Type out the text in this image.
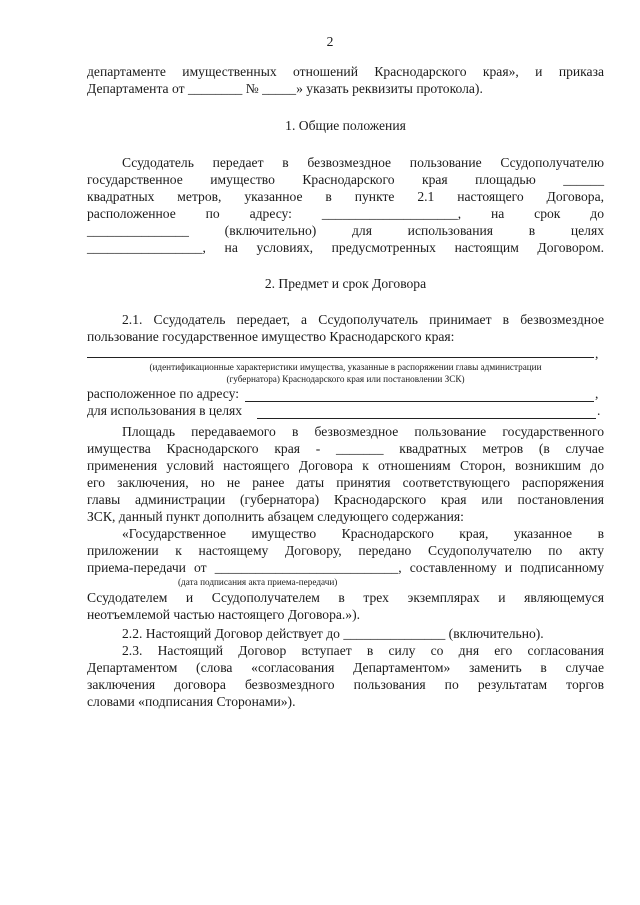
2
департаменте имущественных отношений Краснодарского края», и приказа
Департамента от ________ № _____» указать реквизиты протокола).
1. Общие положения
Ссудодатель передает в безвозмездное пользование Ссудополучателю
государственное имущество Краснодарского края площадью ______
квадратных метров, указанное в пункте 2.1 настоящего Договора,
расположенное по адресу: ____________________, на срок до
_______________ (включительно) для использования в целях
_________________, на условиях, предусмотренных настоящим Договором.
2. Предмет и срок Договора
2.1. Ссудодатель передает, а Ссудополучатель принимает в безвозмездное
пользование государственное имущество Краснодарского края:
,
(идентификационные характеристики имущества, указанные в распоряжении главы администрации
(губернатора) Краснодарского края или постановлении ЗСК)
расположенное по адресу:	,
для использования в целях	.
Площадь передаваемого в безвозмездное пользование государственного
имущества Краснодарского края - _______ квадратных метров (в случае
применения условий настоящего Договора к отношениям Сторон, возникшим до
его заключения, но не ранее даты принятия соответствующего распоряжения
главы администрации (губернатора) Краснодарского края или постановления
ЗСК, данный пункт дополнить абзацем следующего содержания:
«Государственное имущество Краснодарского края, указанное в
приложении к настоящему Договору, передано Ссудополучателю по акту
приема-передачи от ___________________________, составленному и подписанному
(дата подписания акта приема-передачи)
Ссудодателем и Ссудополучателем в трех экземплярах и являющемуся
неотъемлемой частью настоящего Договора.»).
2.2. Настоящий Договор действует до _______________ (включительно).
2.3. Настоящий Договор вступает в силу со дня его согласования
Департаментом (слова «согласования Департаментом» заменить в случае
заключения договора безвозмездного пользования по результатам торгов
словами «подписания Сторонами»).
